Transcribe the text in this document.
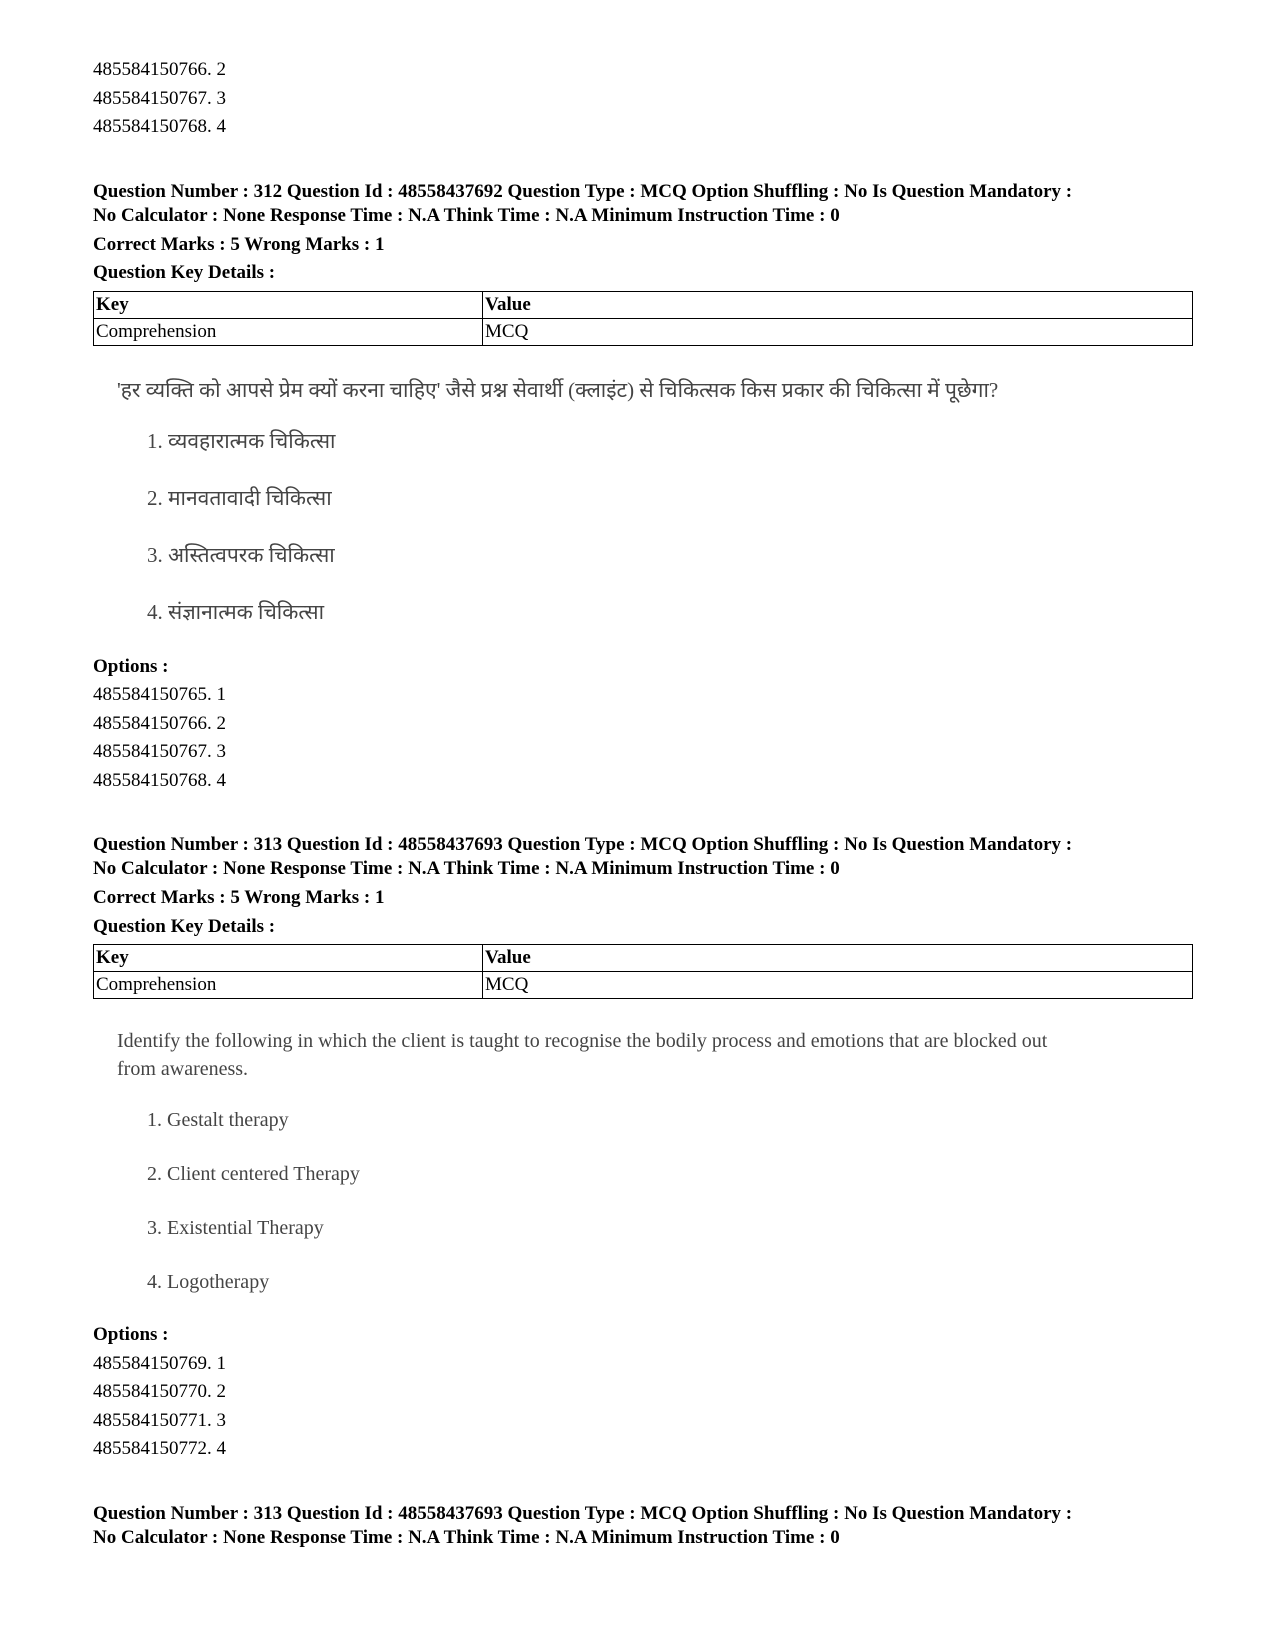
485584150766. 2
485584150767. 3
485584150768. 4
Question Number : 312 Question Id : 48558437692 Question Type : MCQ Option Shuffling : No Is Question Mandatory :
No Calculator : None Response Time : N.A Think Time : N.A Minimum Instruction Time : 0
Correct Marks : 5 Wrong Marks : 1
Question Key Details :
Key	Value
Comprehension	MCQ
'हर व्यक्ति को आपसे प्रेम क्यों करना चाहिए' जैसे प्रश्न सेवार्थी (क्लाइंट) से चिकित्सक किस प्रकार की चिकित्सा में पूछेगा?
1. व्यवहारात्मक चिकित्सा
2. मानवतावादी चिकित्सा
3. अस्तित्वपरक चिकित्सा
4. संज्ञानात्मक चिकित्सा
Options :
485584150765. 1
485584150766. 2
485584150767. 3
485584150768. 4
Question Number : 313 Question Id : 48558437693 Question Type : MCQ Option Shuffling : No Is Question Mandatory :
No Calculator : None Response Time : N.A Think Time : N.A Minimum Instruction Time : 0
Correct Marks : 5 Wrong Marks : 1
Question Key Details :
Key	Value
Comprehension	MCQ
Identify the following in which the client is taught to recognise the bodily process and emotions that are blocked out from awareness.
1. Gestalt therapy
2. Client centered Therapy
3. Existential Therapy
4. Logotherapy
Options :
485584150769. 1
485584150770. 2
485584150771. 3
485584150772. 4
Question Number : 313 Question Id : 48558437693 Question Type : MCQ Option Shuffling : No Is Question Mandatory :
No Calculator : None Response Time : N.A Think Time : N.A Minimum Instruction Time : 0
